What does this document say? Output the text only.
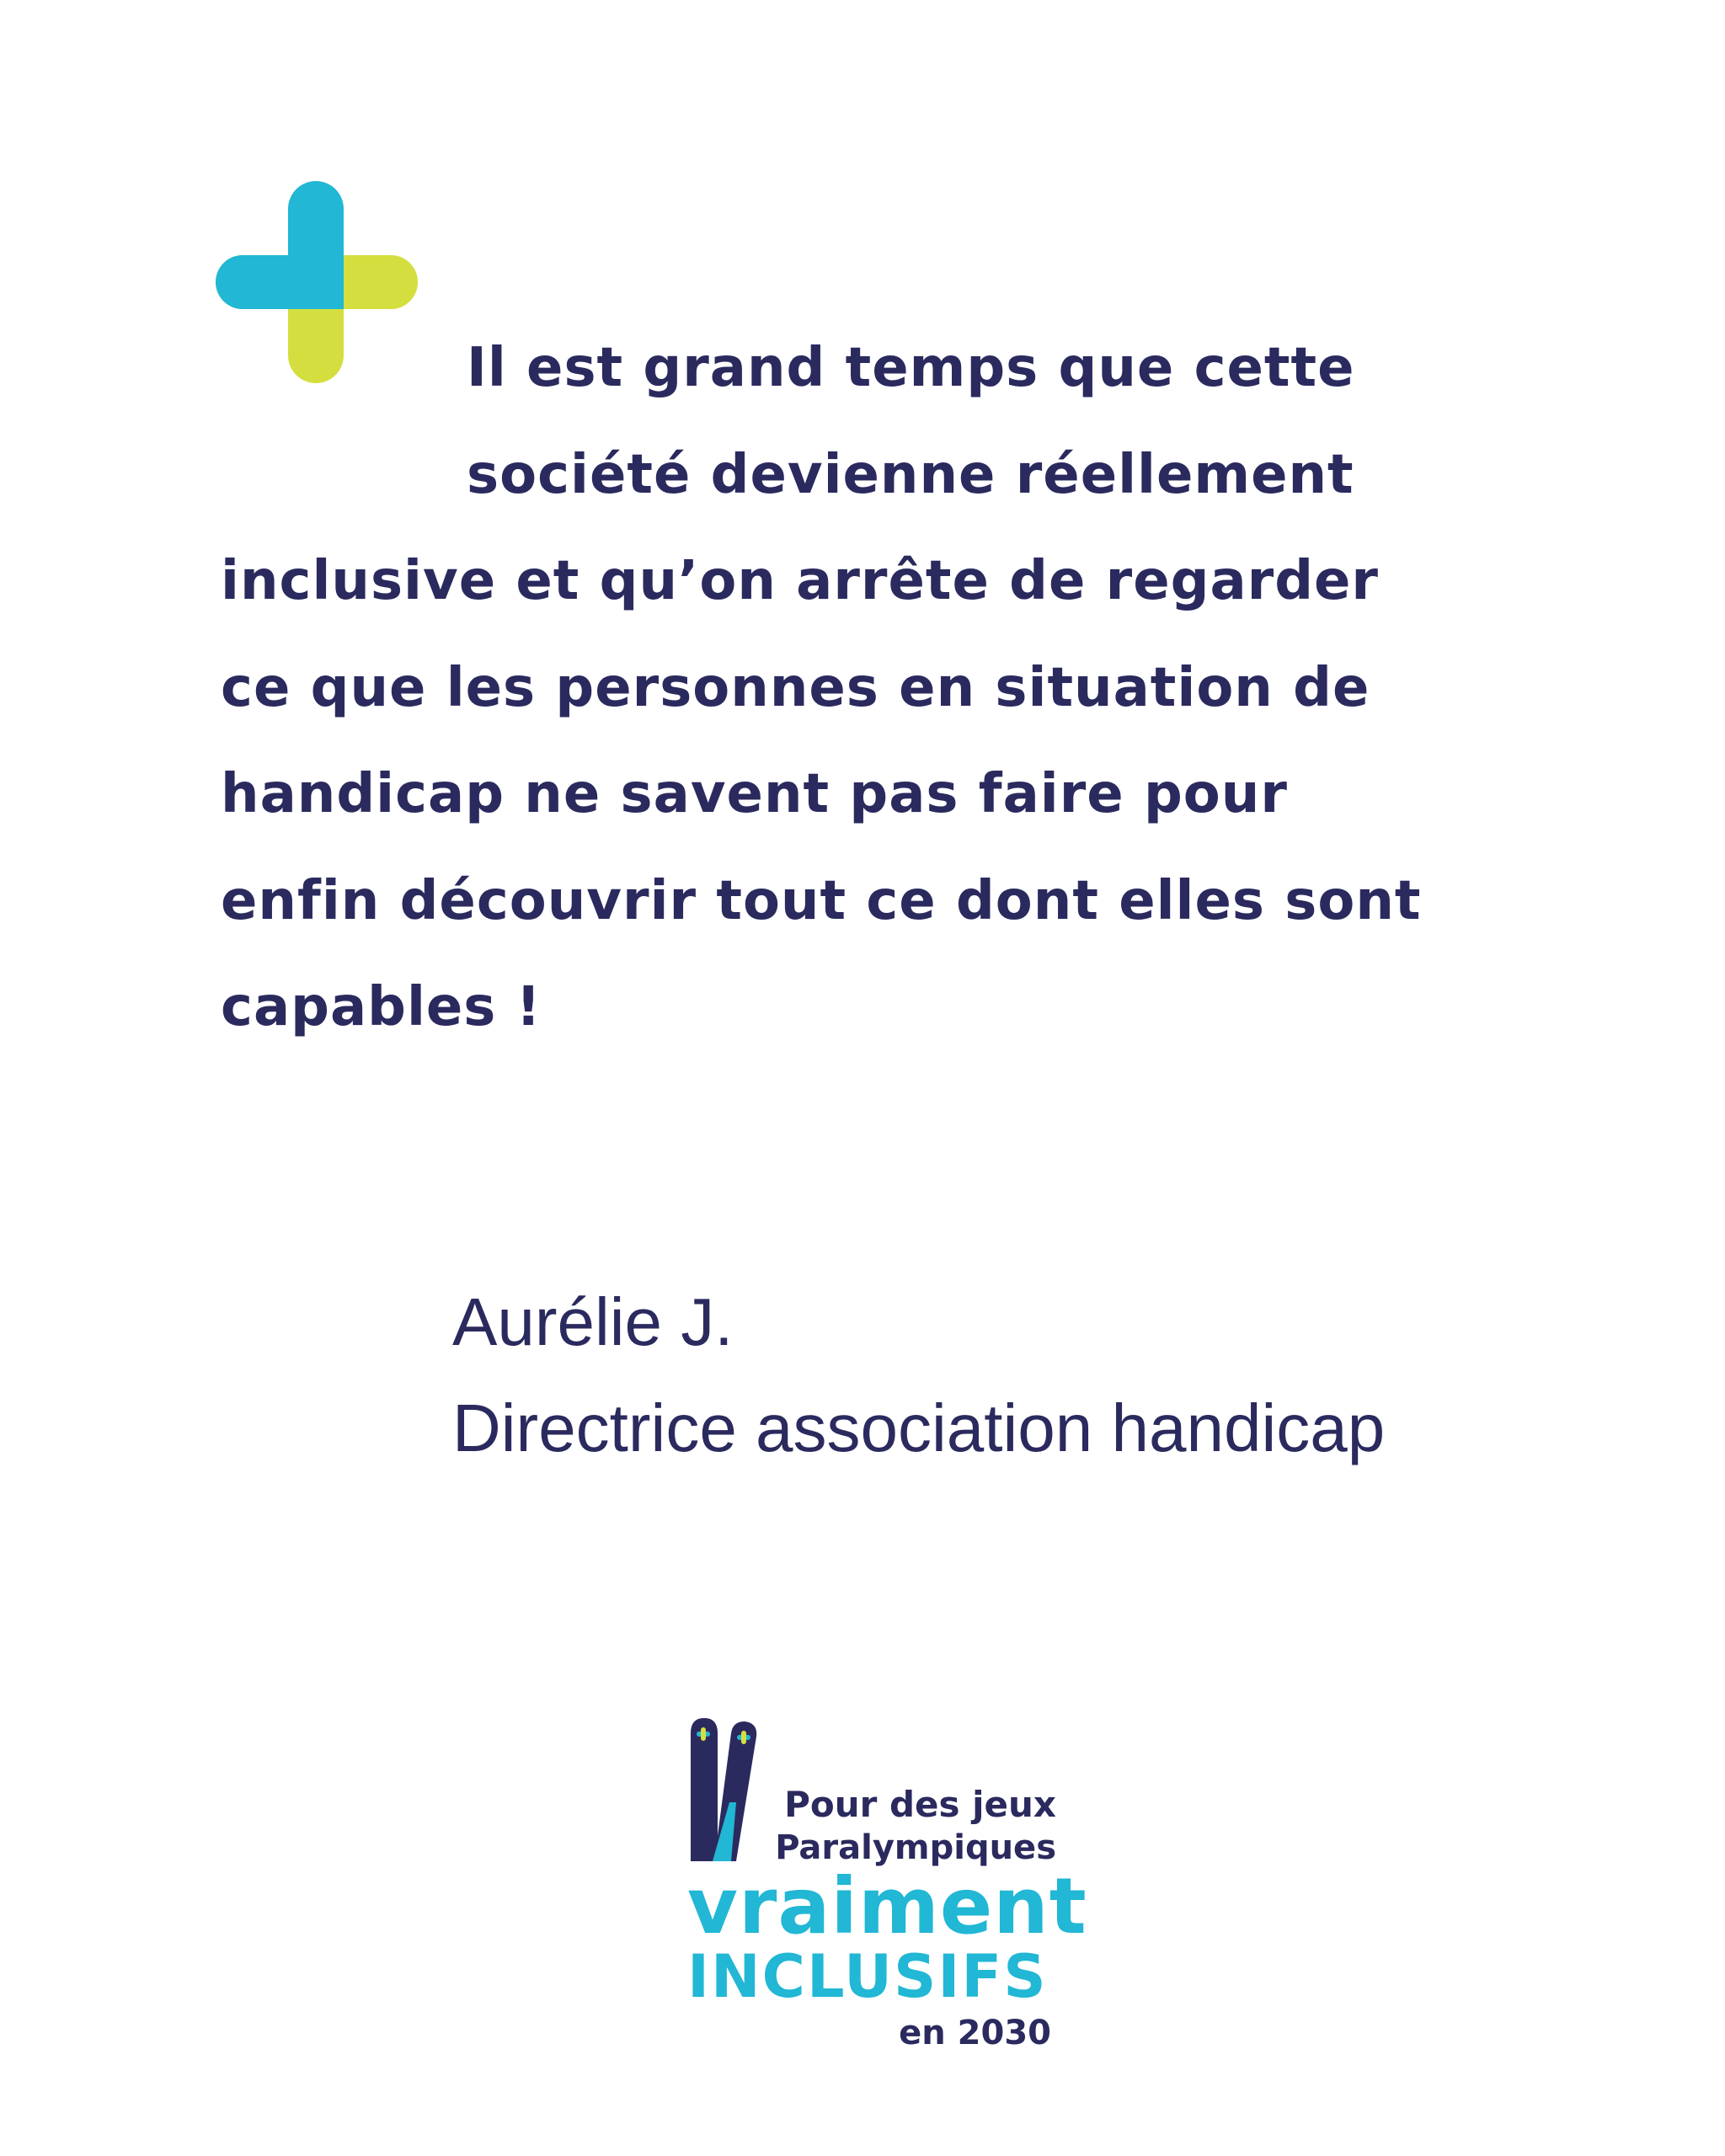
Il est grand temps que cette

société devienne réellement

inclusive et qu’on arrête de regarder

ce que les personnes en situation de

handicap ne savent pas faire pour

enfin découvrir tout ce dont elles sont

capables !

Aurélie J.

Directrice association handicap

Pour des jeux

Paralympiques

vraiment

INCLUSIFS

en 2030
